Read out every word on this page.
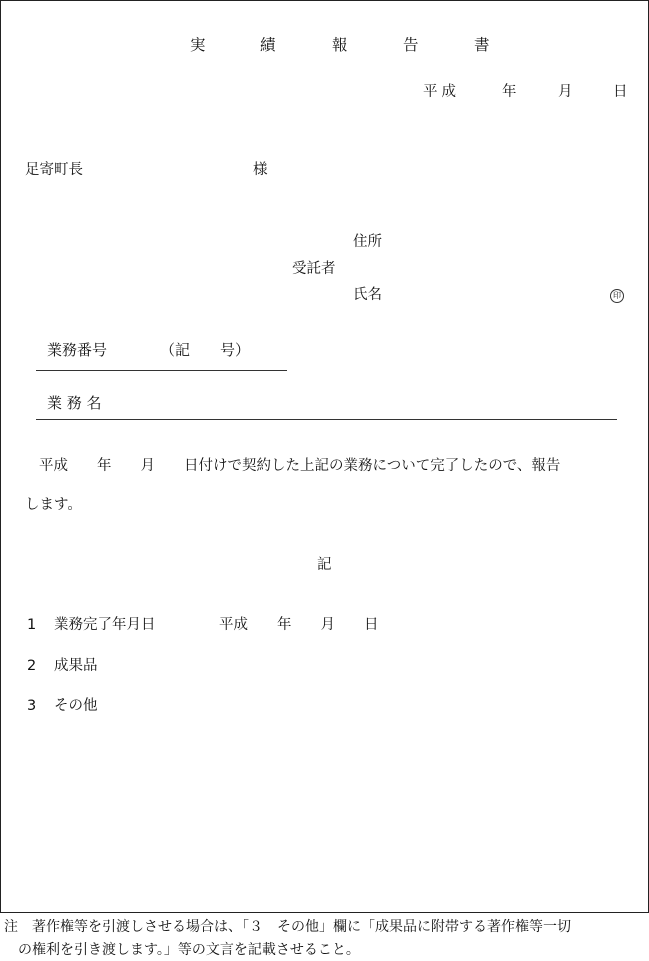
実	績	報	告	書
平成	年	月	日
足寄町長	様
住所
受託者
氏名	印
業務番号	（記　　号）
業 務 名
平成　　年　　月　　日付けで契約した上記の業務について完了したので、報告
します。
記
1 業務完了年月日	平成　　年　　月　　日
2 成果品
3 その他
注　著作権等を引渡しさせる場合は、「３　その他」欄に「成果品に附帯する著作権等一切
の権利を引き渡します。」等の文言を記載させること。
